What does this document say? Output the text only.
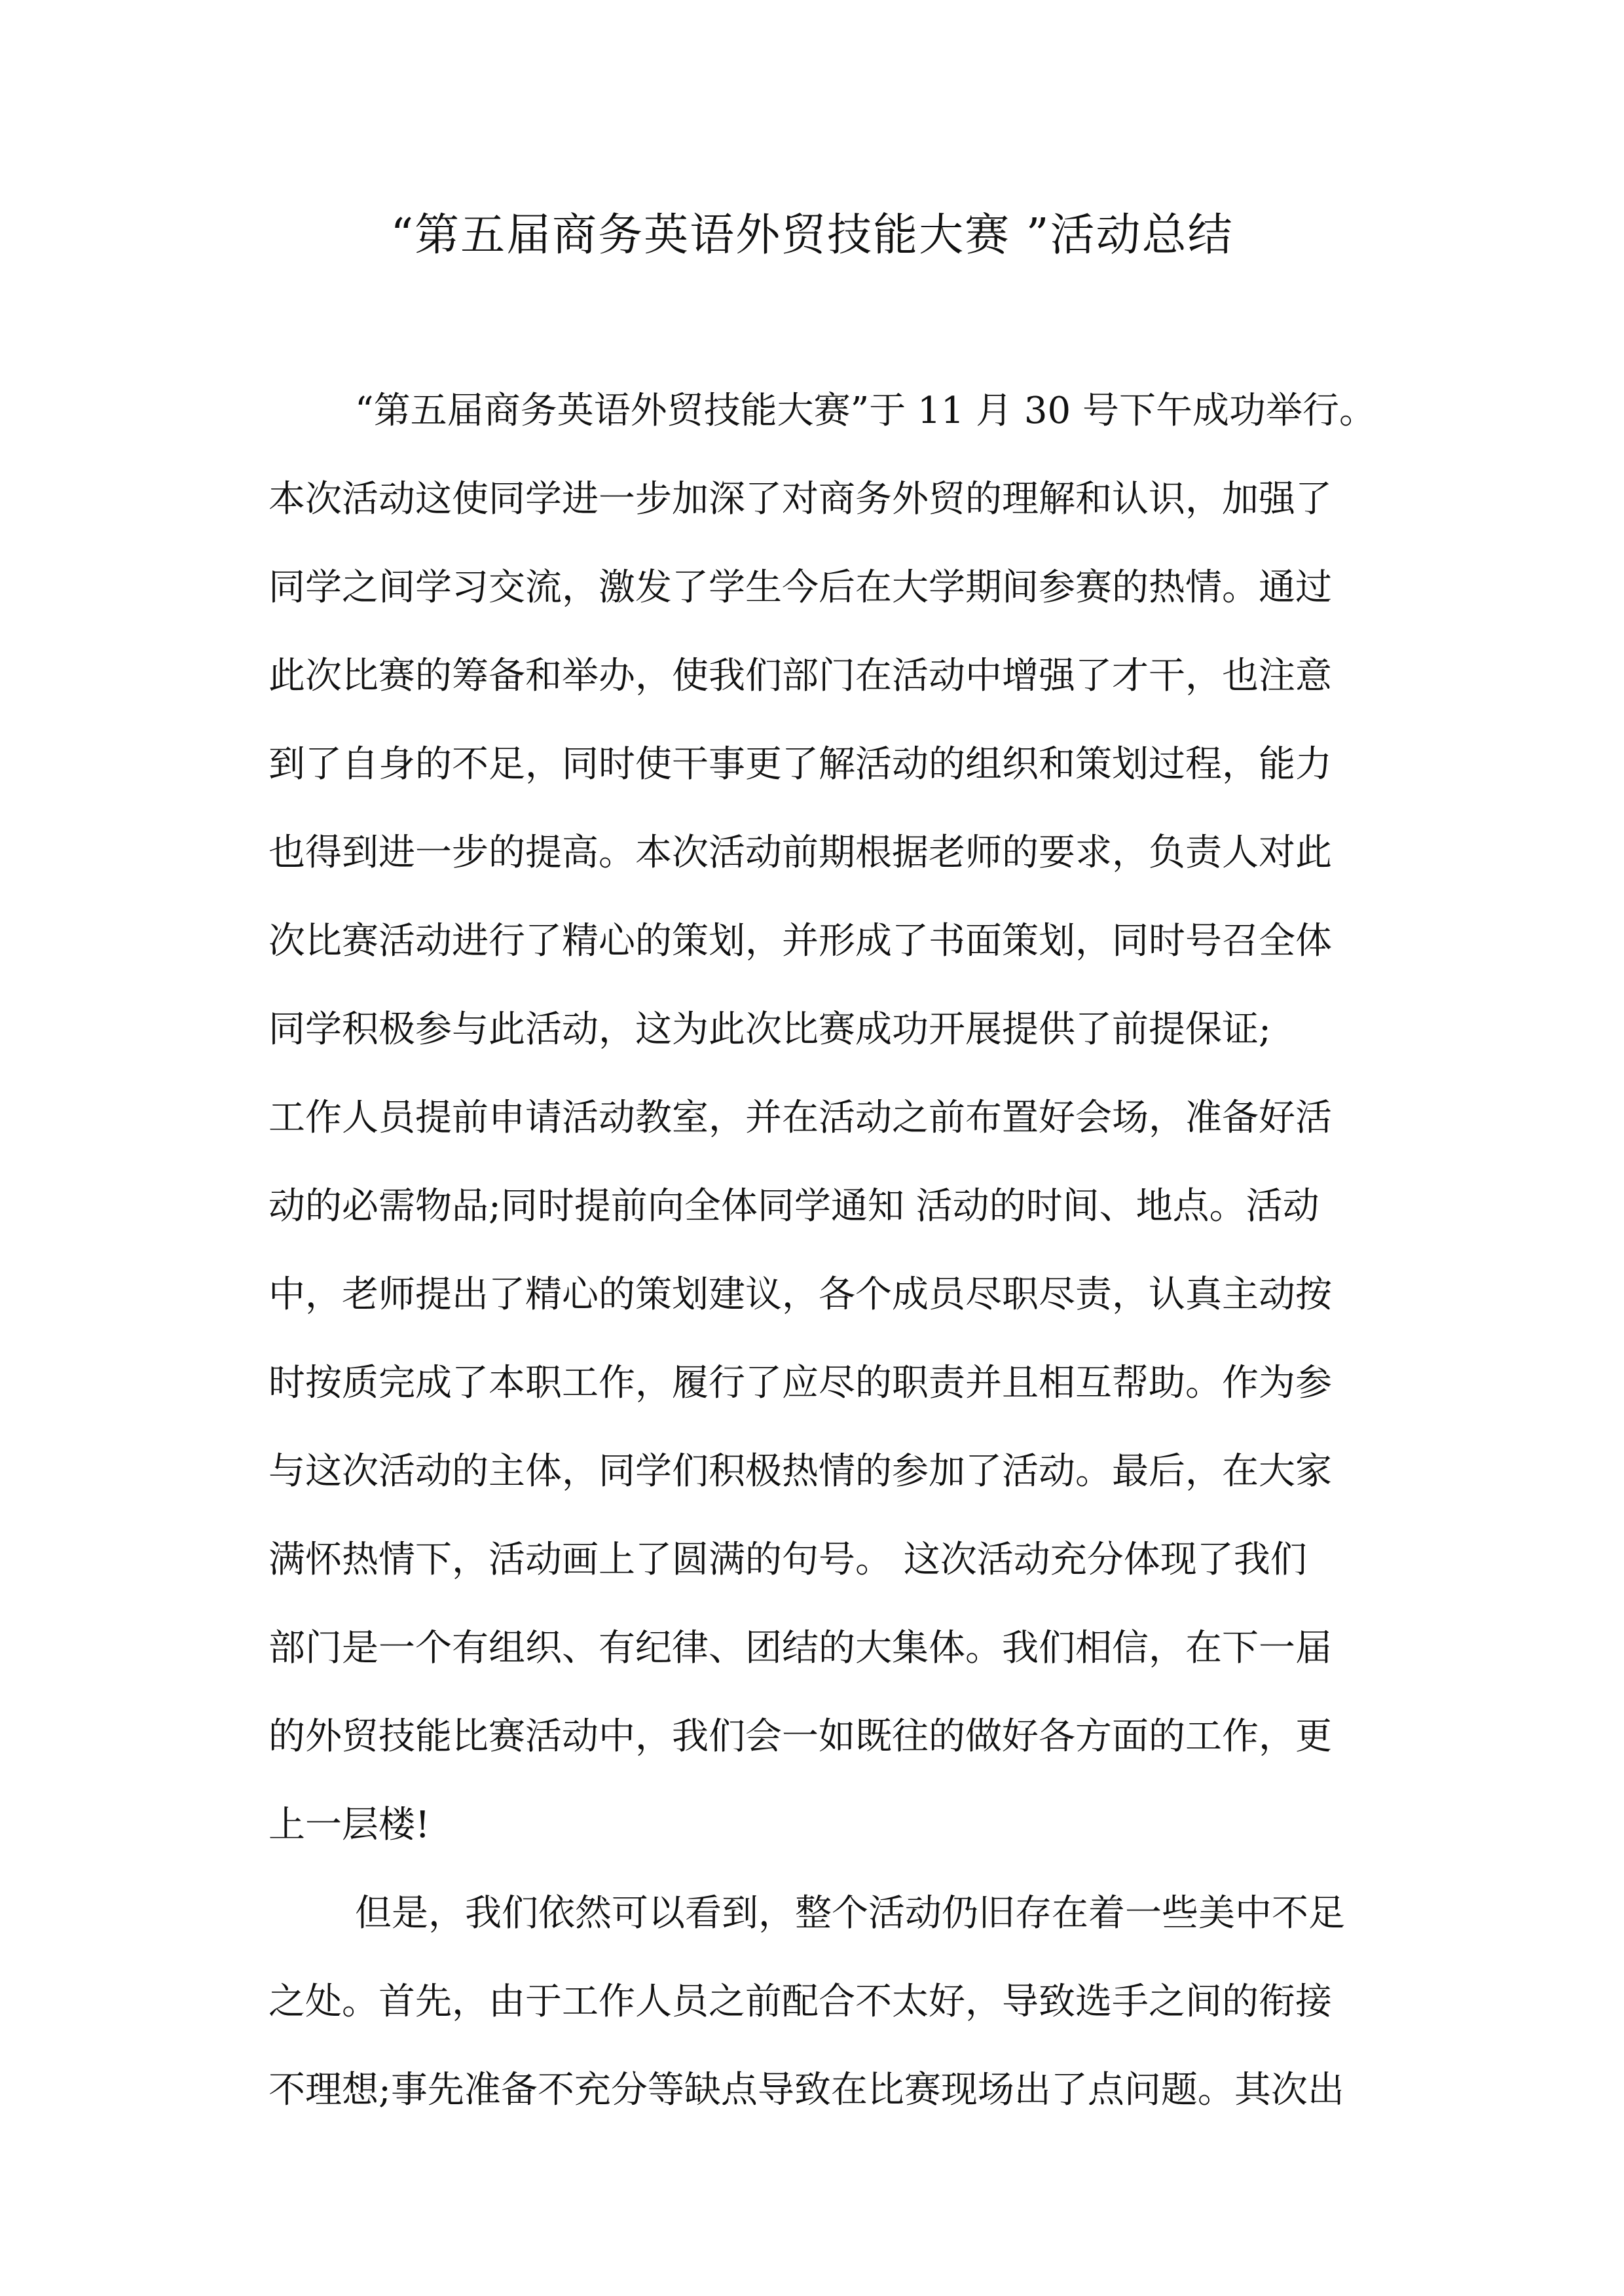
“第五届商务英语外贸技能大赛 ”活动总结
“第五届商务英语外贸技能大赛”于 11 月 30 号下午成功举行。
本次活动这使同学进一步加深了对商务外贸的理解和认识，加强了
同学之间学习交流，激发了学生今后在大学期间参赛的热情。通过
此次比赛的筹备和举办，使我们部门在活动中增强了才干，也注意
到了自身的不足，同时使干事更了解活动的组织和策划过程，能力
也得到进一步的提高。本次活动前期根据老师的要求，负责人对此
次比赛活动进行了精心的策划，并形成了书面策划，同时号召全体
同学积极参与此活动，这为此次比赛成功开展提供了前提保证;
工作人员提前申请活动教室，并在活动之前布置好会场，准备好活
动的必需物品;同时提前向全体同学通知 活动的时间、地点。活动
中，老师提出了精心的策划建议，各个成员尽职尽责，认真主动按
时按质完成了本职工作，履行了应尽的职责并且相互帮助。作为参
与这次活动的主体，同学们积极热情的参加了活动。最后，在大家
满怀热情下，活动画上了圆满的句号。 这次活动充分体现了我们
部门是一个有组织、有纪律、团结的大集体。我们相信，在下一届
的外贸技能比赛活动中，我们会一如既往的做好各方面的工作，更
上一层楼!
但是，我们依然可以看到，整个活动仍旧存在着一些美中不足
之处。首先，由于工作人员之前配合不太好，导致选手之间的衔接
不理想;事先准备不充分等缺点导致在比赛现场出了点问题。其次出
